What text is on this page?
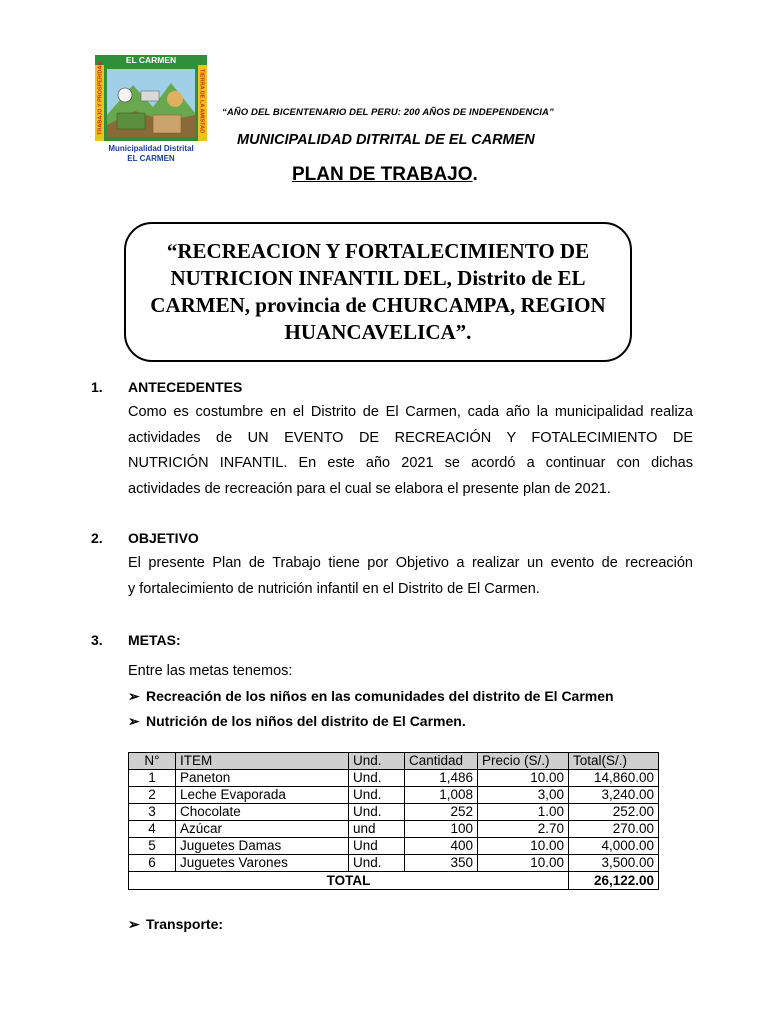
EL CARMEN
TRABAJO Y PROSPERIDAD	TIERRA DE LA AMISTAD
Municipalidad Distrital
EL CARMEN
“AÑO DEL BICENTENARIO DEL PERU: 200 AÑOS DE INDEPENDENCIA”
MUNICIPALIDAD DITRITAL DE EL CARMEN
PLAN DE TRABAJO.

“RECREACION Y FORTALECIMIENTO DE NUTRICION INFANTIL DEL, Distrito de EL CARMEN, provincia de CHURCAMPA, REGION HUANCAVELICA”.

1. ANTECEDENTES
Como es costumbre en el Distrito de El Carmen, cada año la municipalidad realiza
actividades de UN EVENTO DE RECREACIÓN Y FOTALECIMIENTO DE
NUTRICIÓN INFANTIL. En este año 2021 se acordó a continuar con dichas
actividades de recreación para el cual se elabora el presente plan de 2021.
2. OBJETIVO
El presente Plan de Trabajo tiene por Objetivo a realizar un evento de recreación
y fortalecimiento de nutrición infantil en el Distrito de El Carmen.
3. METAS:
Entre las metas tenemos:
➢ Recreación de los niños en las comunidades del distrito de El Carmen
➢ Nutrición de los niños del distrito de El Carmen.
N°	ITEM	Und.	Cantidad	Precio (S/.)	Total(S/.)
1	Paneton	Und.	1,486	10.00	14,860.00
2	Leche Evaporada	Und.	1,008	3,00	3,240.00
3	Chocolate	Und.	252	1.00	252.00
4	Azúcar	und	100	2.70	270.00
5	Juguetes Damas	Und	400	10.00	4,000.00
6	Juguetes Varones	Und.	350	10.00	3,500.00
TOTAL					26,122.00
➢ Transporte:
